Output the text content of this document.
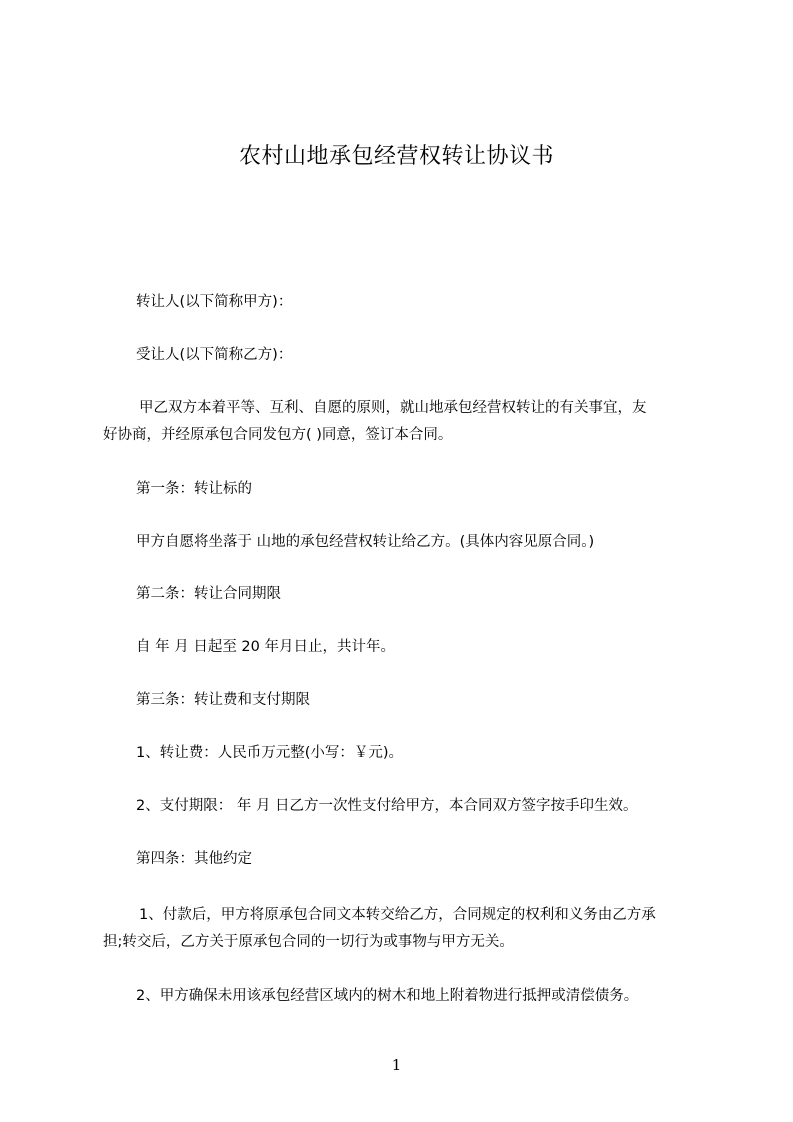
农村山地承包经营权转让协议书
转让人(以下简称甲方)：
受让人(以下简称乙方)：
甲乙双方本着平等、互利、自愿的原则，就山地承包经营权转让的有关事宜，友
好协商，并经原承包合同发包方( )同意，签订本合同。
第一条：转让标的
甲方自愿将坐落于 山地的承包经营权转让给乙方。(具体内容见原合同。)
第二条：转让合同期限
自 年 月 日起至 20 年月日止，共计年。
第三条：转让费和支付期限
1、转让费：人民币万元整(小写：￥元)。
2、支付期限： 年 月 日乙方一次性支付给甲方，本合同双方签字按手印生效。
第四条：其他约定
1、付款后，甲方将原承包合同文本转交给乙方，合同规定的权利和义务由乙方承
担;转交后，乙方关于原承包合同的一切行为或事物与甲方无关。
2、甲方确保未用该承包经营区域内的树木和地上附着物进行抵押或清偿债务。
1
